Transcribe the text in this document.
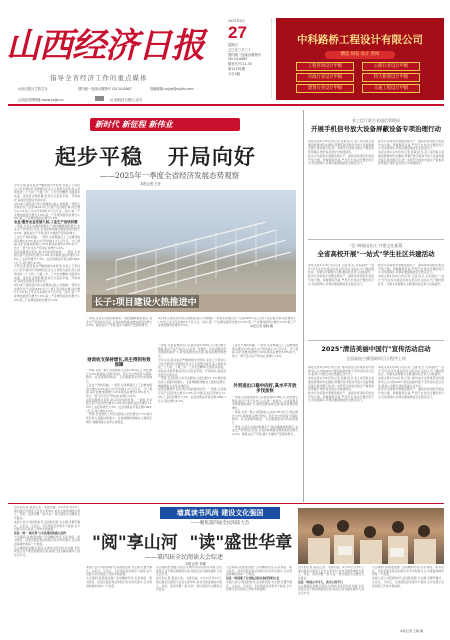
山西经济日报
指导全省经济工作的重点媒体
山西日报社主管主办	国内统一连续出版物号 CN 14-0067	投稿邮箱:sxjjrb@sxjjrb.com
山西经济网网址:www.sxjjb.cn	(山西经济日报)公众号
2025年4月
27
星期日
乙巳年三月三十
国内统一连续出版物号
CN 14-0067
邮发代号:21-35
第11791期
今日4版
中科路桥工程设计有限公司
精选 研发 设计 咨询
工程咨询设计甲级	公路行业设计甲级
市政行业设计甲级	特大桥梁设计甲级
建筑行业设计甲级	交通工程设计甲级
新时代 新征程 新伟业
起步平稳   开局向好
——2025年一季度全省经济发展态势观察
本报记者 王菲

今年以来,面对复杂严峻的国内外形势,全省上下坚持以习近平新时代中国特色社会主义思想为指导,深入贯彻党的二十大和二十届二中、三中全会精神,全面落实省委、省政府决策部署,经济运行起步平稳、开局向好,高质量发展迈出新步伐。

4月24日,国家统计局山西调查总队公布数据,一季度全省地区生产总值5484.3亿元,按不变价格计算,同比增长5.1%,较上年全年加快0.6个百分点。其中,第一产业增加值同比增长5.8%,第二产业增加值同比增长5.6%,第三产业增加值同比增长5.6%。

农业:服务农业发展大局,工业生产加快回暖

一季度,全省扎实推进春耕生产,粮食播种面积稳定,农业生产资料供应充足,全省农林牧渔业增加值同比增长4.5%。畜牧业生产平稳,猪牛羊禽肉产量保持增长。

工业生产加快回暖。一季度,全省规模以上工业增加值同比增长4.6%,较1-2月份加快1.2个百分点。分门类看,采矿业增加值增长3.9%,制造业增长8.8%,电力、热力、燃气及水生产和供应业增长3.4%。

投资消费稳中有进,新兴动能加快培育。一季度,全省固定资产投资同比增长3.9%,其中制造业投资增长12.8%,工业投资增长7.3%。社会消费品零售总额1889.1亿元,同比增长4.5%。

今年以来,面对复杂严峻的国内外形势,全省上下坚持以习近平新时代中国特色社会主义思想为指导,深入贯彻党的二十大和二十届二中、三中全会精神,全面落实省委、省政府决策部署,经济运行起步平稳、开局向好,高质量发展迈出新步伐。

4月24日,国家统计局山西调查总队公布数据,一季度全省地区生产总值5484.3亿元,按不变价格计算,同比增长5.1%,较上年全年加快0.6个百分点。其中,第一产业增加值同比增长5.8%,第二产业增加值同比增长5.6%,第三产业增加值同比增长5.6%。	长子:项目建设火热推进中
本报记者 郝晓 摄
4月24日,国家统计局山西调查总队公布数据,一季度全省地区生产总值5484.3亿元,按不变价格计算,同比增长5.1%,较上年全年加快0.6个百分点。其中,第一产业增加值同比增长5.8%,第二产业增加值同比增长5.6%,第三产业增加值同比增长5.6%。

一季度,全省扎实推进春耕生产,粮食播种面积稳定,农业生产资料供应充足,全省农林牧渔业增加值同比增长4.5%。畜牧业生产平稳,猪牛羊禽肉产量保持增长。

财政收支保持增长,民生得到有效保障

一季度,全省一般公共预算收入完成766.9亿元,同比增长3.3%,税收收入增长较快。民生支出得到有力保障,教育、社会保障和就业、卫生健康等支出均实现增长。

工业生产加快回暖。一季度,全省规模以上工业增加值同比增长4.6%,较1-2月份加快1.2个百分点。分门类看,采矿业增加值增长3.9%,制造业增长8.8%,电力、热力、燃气及水生产和供应业增长3.4%。

投资消费稳中有进,新兴动能加快培育。一季度,全省固定资产投资同比增长3.9%,其中制造业投资增长12.8%,工业投资增长7.3%。社会消费品零售总额1889.1亿元,同比增长4.5%。

一季度,全省居民人均可支配收入同比增长5.1%,城乡居民收入差距持续缩小。全省城镇新增就业人数稳定增长,城镇调查失业率总体稳定。

一季度,全省货物进出口总值达到约100亿元,同比增长明显,新兴产业产品出口占比进一步提升。全省消费品市场规模持续扩大,新型消费加快发展,服务消费较快增长。

今年以来,面对复杂严峻的国内外形势,全省上下坚持以习近平新时代中国特色社会主义思想为指导,深入贯彻党的二十大和二十届二中、三中全会精神,全面落实省委、省政府决策部署,经济运行起步平稳、开局向好,高质量发展迈出新步伐。

一季度,全省居民人均可支配收入同比增长5.1%,城乡居民收入差距持续缩小。全省城镇新增就业人数稳定增长,城镇调查失业率总体稳定。

投资消费稳中有进,新兴动能加快培育。一季度,全省固定资产投资同比增长3.9%,其中制造业投资增长12.8%,工业投资增长7.3%。社会消费品零售总额1889.1亿元,同比增长4.5%。

外贸进出口稳中向好,高水平开放步伐加快

工业生产加快回暖。一季度,全省规模以上工业增加值同比增长4.6%,较1-2月份加快1.2个百分点。分门类看,采矿业增加值增长3.9%,制造业增长8.8%,电力、热力、燃气及水生产和供应业增长3.4%。

一季度,全省货物进出口总值达到约100亿元,同比增长明显,新兴产业产品出口占比进一步提升。全省消费品市场规模持续扩大,新型消费加快发展,服务消费较快增长。

一季度,全省一般公共预算收入完成766.9亿元,同比增长3.3%,税收收入增长较快。民生支出得到有力保障,教育、社会保障和就业、卫生健康等支出均实现增长。

一季度,全省扎实推进春耕生产,粮食播种面积稳定,农业生产资料供应充足,全省农林牧渔业增加值同比增长4.5%。畜牧业生产平稳,猪牛羊禽肉产量保持增长。

省工信厅联合省通信管理局
开展手机信号放大设备屏蔽设备专项治理行动

本报太原4月26日讯(记者 张敏)近日,省工信厅联合省通信管理局印发通知,部署开展手机信号放大设备屏蔽设备专项治理行动,进一步规范无线电设备生产销售和使用秩序,维护良好的空中电波秩序。

此次行动将集中清理违规生产、销售和使用的手机信号放大器、屏蔽器等设备,严厉打击非法设置使用行为,切实保障公众移动通信网络安全稳定运行。

此次行动将集中清理违规生产、销售和使用的手机信号放大器、屏蔽器等设备,严厉打击非法设置使用行为,切实保障公众移动通信网络安全稳定运行。

本报太原4月26日讯(记者 张敏)近日,省工信厅联合省通信管理局印发通知,部署开展手机信号放大设备屏蔽设备专项治理行动,进一步规范无线电设备生产销售和使用秩序,维护良好的空中电波秩序。

"忆"调校园社区 共建文化新篇
全省高校开展"一站式"学生社区共建活动

本报太原4月26日讯(记者 王丽)近日,全省高校"一站式"学生社区共建活动在太原启动,活动以"忆"调校园社区、共建文化新篇为主题,推动社区育人功能提升。

此次行动将集中清理违规生产、销售和使用的手机信号放大器、屏蔽器等设备,严厉打击非法设置使用行为,切实保障公众移动通信网络安全稳定运行。

此次行动将集中清理违规生产、销售和使用的手机信号放大器、屏蔽器等设备,严厉打击非法设置使用行为,切实保障公众移动通信网络安全稳定运行。

本报太原4月26日讯(记者 王丽)近日,全省高校"一站式"学生社区共建活动在太原启动,活动以"忆"调校园社区、共建文化新篇为主题,推动社区育人功能提升。

2025"清洁美丽中国行"宣传活动启动
全国高校小额贷助项目小程序上线

本报太原4月26日讯(记者 刘洋)由生态环境部宣传教育中心主办的2025"清洁美丽中国行"宣传活动近日启动,倡导公众践行绿色低碳生活方式。

本报太原4月26日讯(记者 张敏)近日,省工信厅联合省通信管理局印发通知,部署开展手机信号放大设备屏蔽设备专项治理行动,进一步规范无线电设备生产销售和使用秩序,维护良好的空中电波秩序。

此次行动将集中清理违规生产、销售和使用的手机信号放大器、屏蔽器等设备,严厉打击非法设置使用行为,切实保障公众移动通信网络安全稳定运行。

本报太原4月26日讯(记者 王丽)近日,全省高校"一站式"学生社区共建活动在太原启动,活动以"忆"调校园社区、共建文化新篇为主题,推动社区育人功能提升。

本报太原4月26日讯(记者 刘洋)由生态环境部宣传教育中心主办的2025"清洁美丽中国行"宣传活动近日启动,倡导公众践行绿色低碳生活方式。

此次行动将集中清理违规生产、销售和使用的手机信号放大器、屏蔽器等设备,严厉打击非法设置使用行为,切实保障公众移动通信网络安全稳定运行。

墙真读书风尚 建设文化强国
——聚焦第四届全民阅读大会
"阅"享山河  "读"盛世华章
——第四届全民阅读大会综述
本报记者 李娜

四月的太原,春意正浓、书香四溢。4月23日至25日,第四届全民阅读大会在太原举办,来自全国各地的出版人、作家、读者齐聚一堂,共赴一场以阅读为主题的文化盛会。

本届大会以"阅读新时代,奋进新征程"为主题,设置开幕式、主论坛、分论坛、全民阅读活动等多个板块,全方位展示全民阅读工作的丰硕成果。

这是一场'一城书香'与全民阅读的盛大赴约

大会期间,各类阅读推广活动精彩纷呈,名家讲座、新书首发、读者见面会等活动吸引众多市民参与,让书香浸润城市的每一个角落。

从古籍保护到数字阅读,从城市书房到乡村书屋,全民阅读正在不断拓展新的空间,阅读已成为越来越多人的生活方式。

本届大会以"阅读新时代,奋进新征程"为主题,设置开幕式、主论坛、分论坛、全民阅读活动等多个板块,全方位展示全民阅读工作的丰硕成果。

大会期间,各类阅读推广活动精彩纷呈,名家讲座、新书首发、读者见面会等活动吸引众多市民参与,让书香浸润城市的每一个角落。

从古籍保护到数字阅读,从城市书房到乡村书屋,全民阅读正在不断拓展新的空间,阅读已成为越来越多人的生活方式。

四月的太原,春意正浓、书香四溢。4月23日至25日,第四届全民阅读大会在太原举办,来自全国各地的出版人、作家、读者齐聚一堂,共赴一场以阅读为主题的文化盛会。

大会期间,各类阅读推广活动精彩纷呈,名家讲座、新书首发、读者见面会等活动吸引众多市民参与,让书香浸润城市的每一个角落。

这是一场展现了行业热点和未来趋势的大会

本届大会以"阅读新时代,奋进新征程"为主题,设置开幕式、主论坛、分论坛、全民阅读活动等多个板块,全方位展示全民阅读工作的丰硕成果。

四月的太原,春意正浓、书香四溢。4月23日至25日,第四届全民阅读大会在太原举办,来自全国各地的出版人、作家、读者齐聚一堂,共赴一场以阅读为主题的文化盛会。

这是一场展示书写人、读书人的节日

从古籍保护到数字阅读,从城市书房到乡村书屋,全民阅读正在不断拓展新的空间,阅读已成为越来越多人的生活方式。

大会期间,各类阅读推广活动精彩纷呈,名家讲座、新书首发、读者见面会等活动吸引众多市民参与,让书香浸润城市的每一个角落。

本届大会以"阅读新时代,奋进新征程"为主题,设置开幕式、主论坛、分论坛、全民阅读活动等多个板块,全方位展示全民阅读工作的丰硕成果。

本报记者 王敏 摄
